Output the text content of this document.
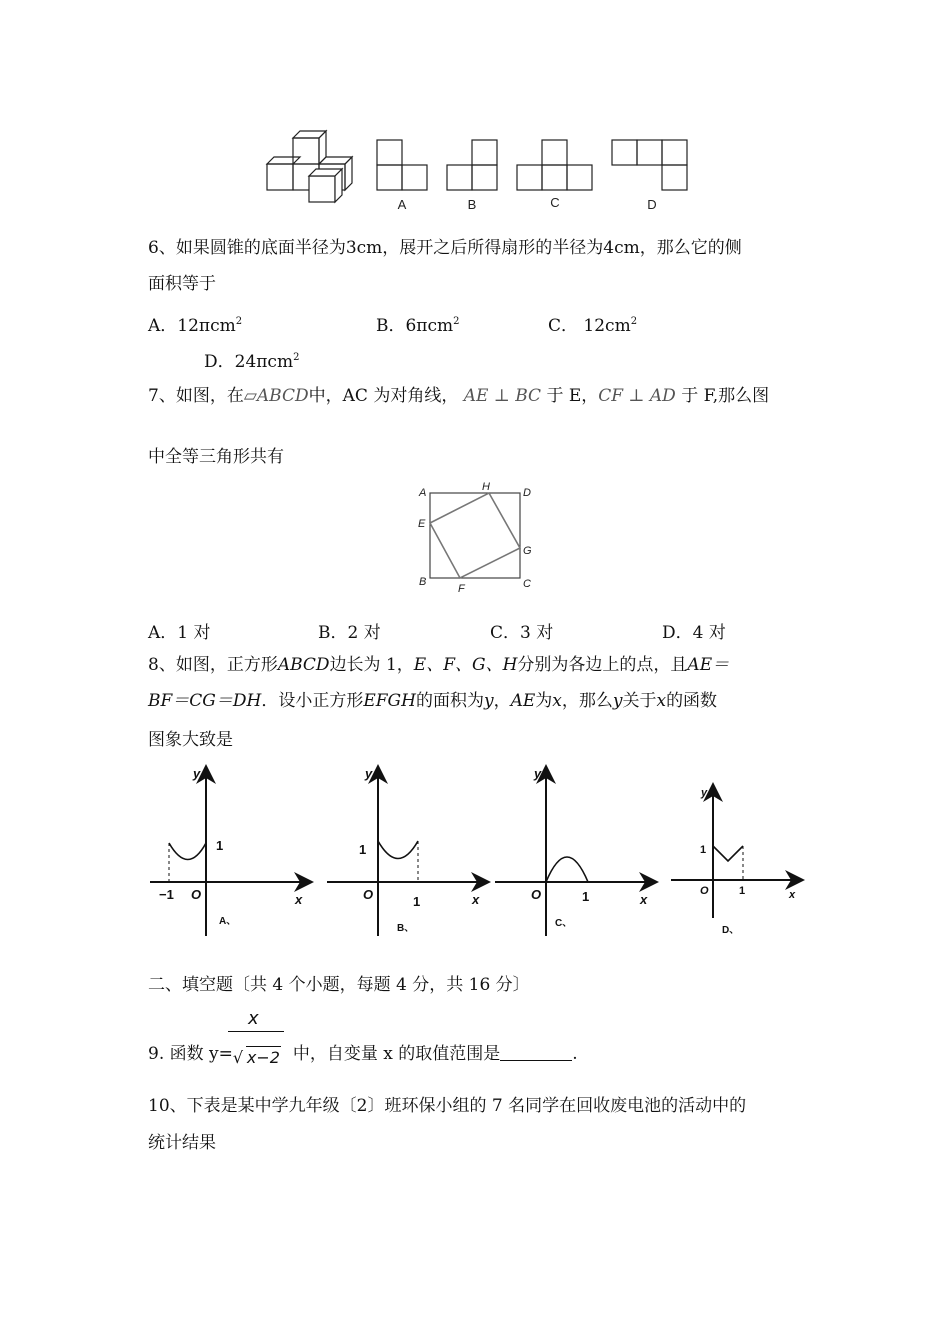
A	B	C	D
6、如果圆锥的底面半径为3cm，展开之后所得扇形的半径为4cm，那么它的侧
面积等于
A．12πcm$^2$	B．6πcm$^2$	C． $12cm^2$
D．24πcm$^2$
7、如图，在▱ABCD中，AC 为对角线， AE ⊥ BC 于 E，CF ⊥ AD 于 F,那么图
中全等三角形共有
A	H	D
E
G
B
F	C
A．1 对	B．2 对	C．3 对	D．4 对
8、如图，正方形ABCD边长为 1，E、F、G、H分别为各边上的点，且AE＝
BF＝CG＝DH．设小正方形EFGH的面积为y，AE为x，那么y关于x的函数
图象大致是
y
x
O
1
−1
A、
y
x
O
1
1
B、
y
x
O	1
C、
y
x
O
1
1
D、
二、填空题〔共 4 个小题，每题 4 分，共 16 分〕
x
9. 函数 y= √ x−2 中，自变量 x 的取值范围是	.
10、下表是某中学九年级〔2〕班环保小组的 7 名同学在回收废电池的活动中的
统计结果
